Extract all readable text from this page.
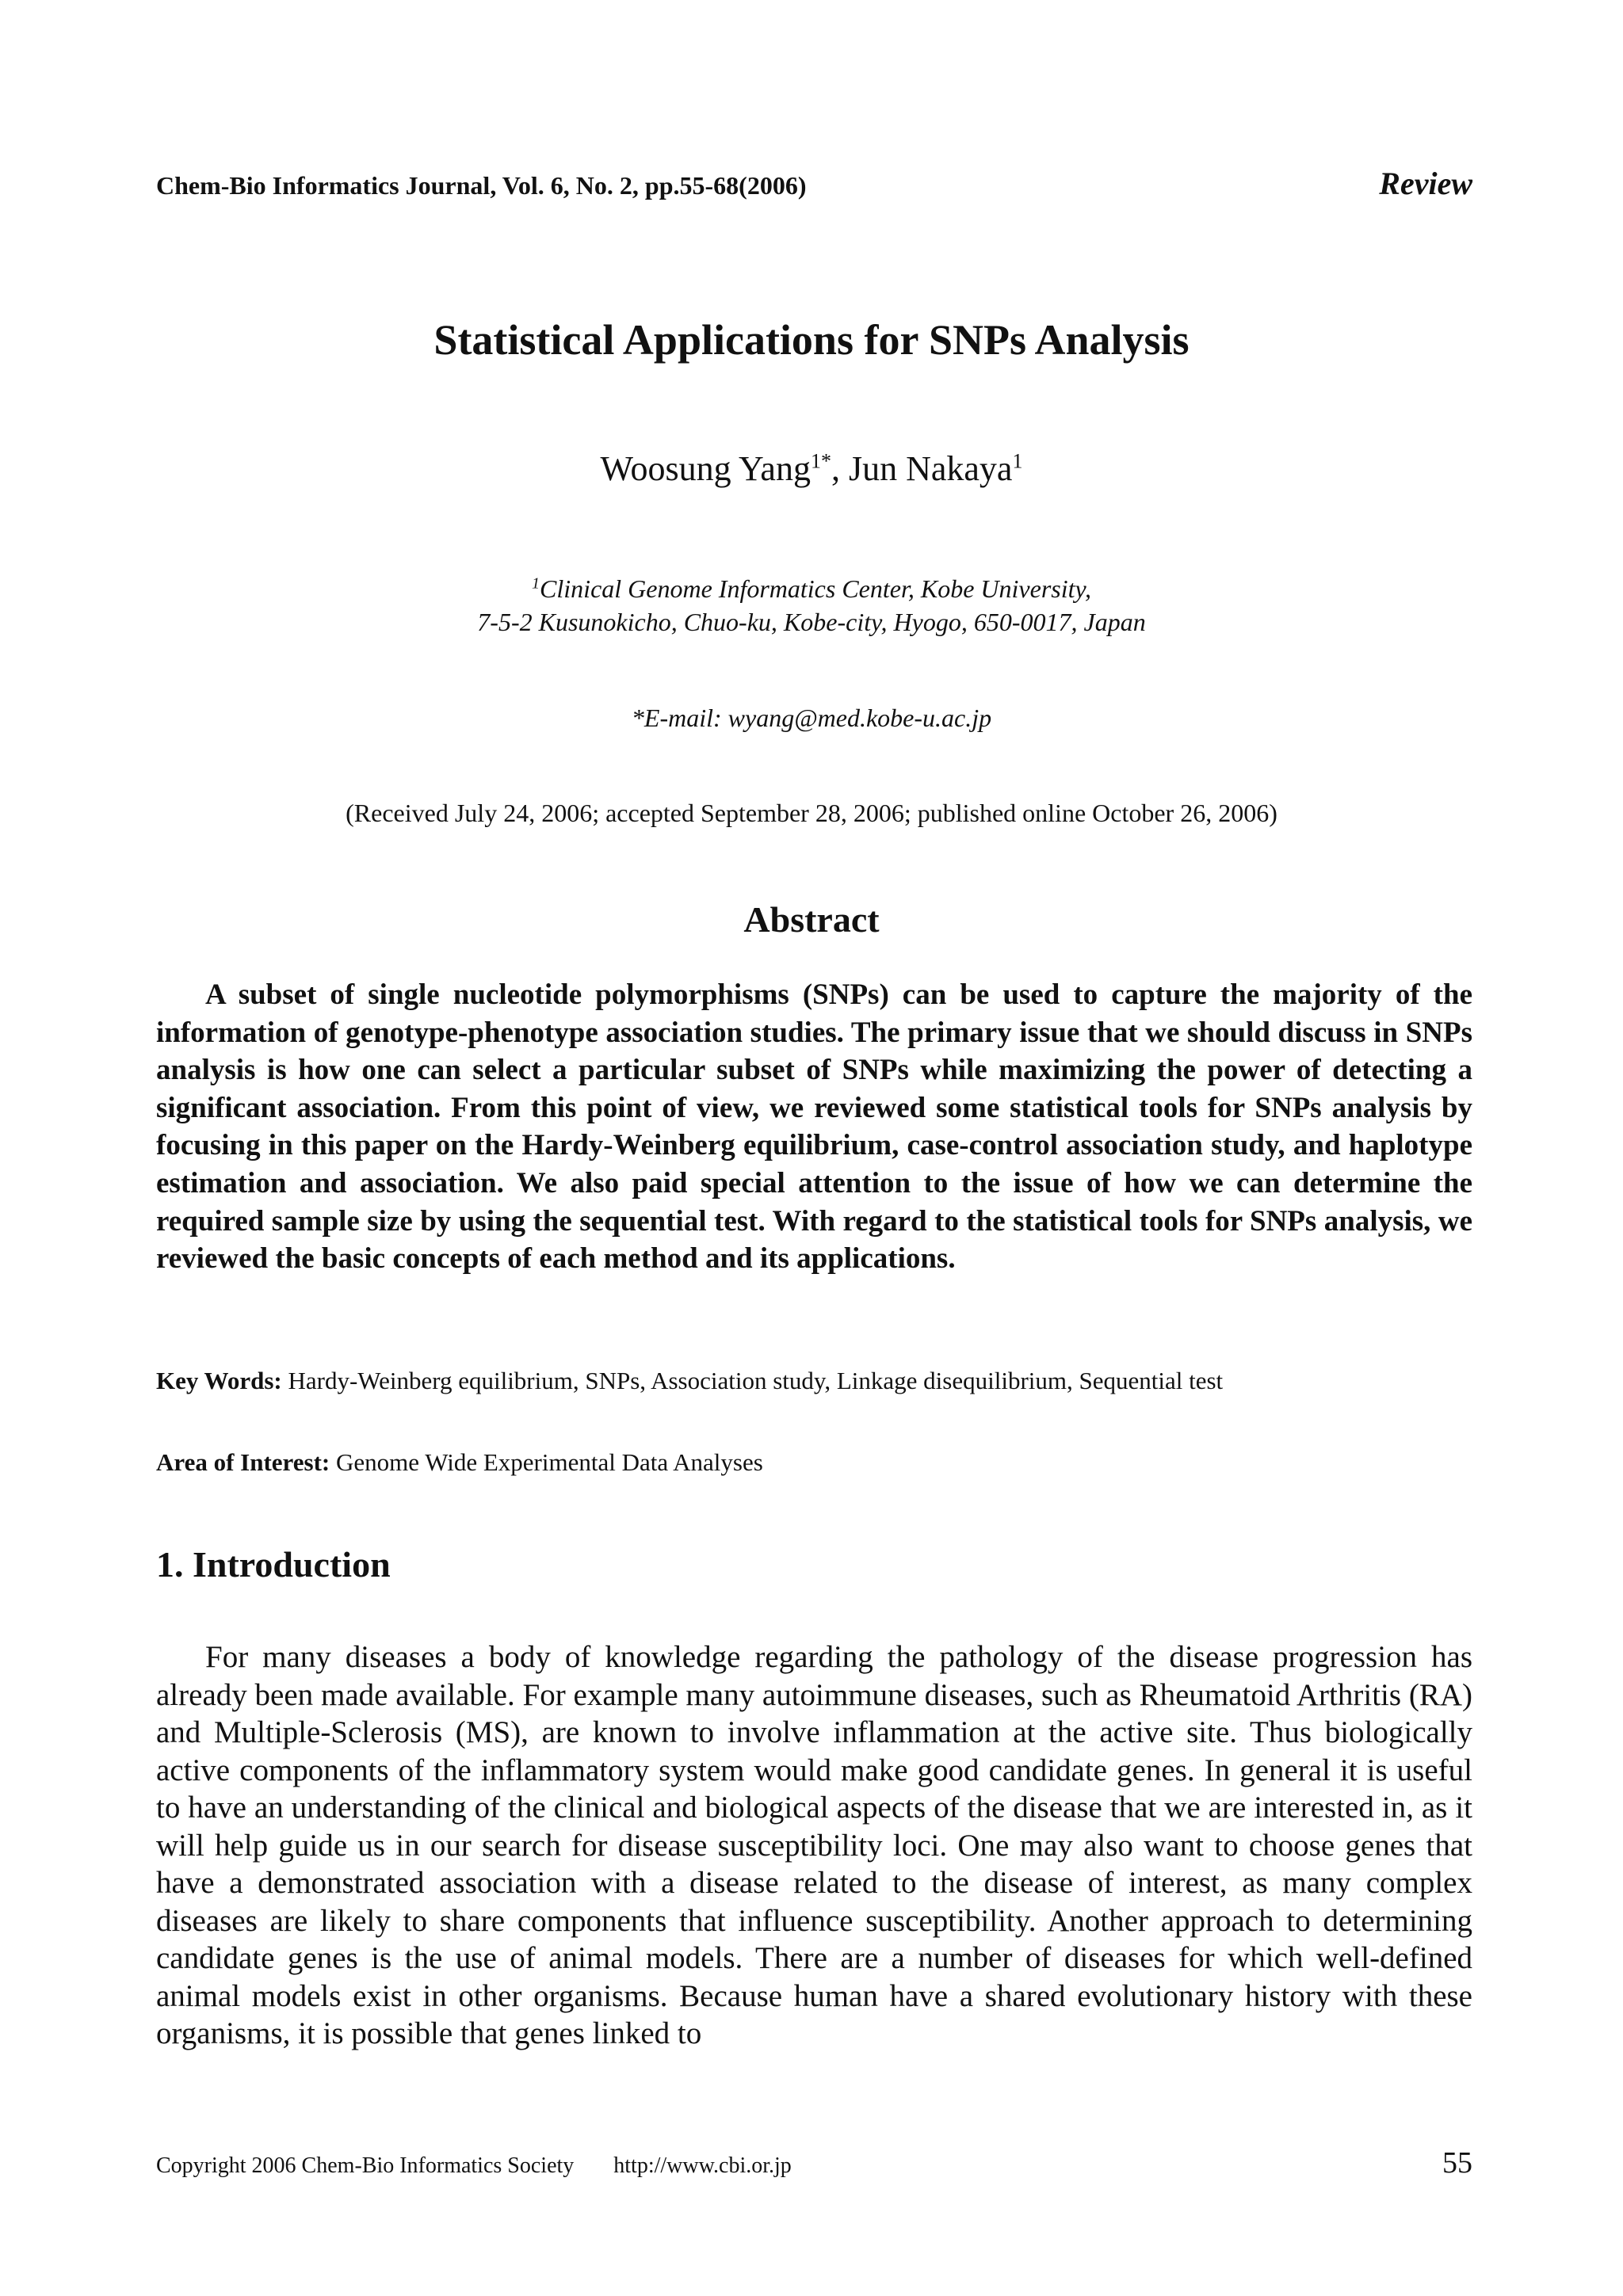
Chem-Bio Informatics Journal, Vol. 6, No. 2, pp.55-68(2006)	Review
Statistical Applications for SNPs Analysis
Woosung Yang$^{1*}$, Jun Nakaya$^1$
$^1$Clinical Genome Informatics Center, Kobe University,
7-5-2 Kusunokicho, Chuo-ku, Kobe-city, Hyogo, 650-0017, Japan
*E-mail: wyang@med.kobe-u.ac.jp
(Received July 24, 2006; accepted September 28, 2006; published online October 26, 2006)
Abstract

A subset of single nucleotide polymorphisms (SNPs) can be used to capture the majority of the information of genotype-phenotype association studies. The primary issue that we should discuss in SNPs analysis is how one can select a particular subset of SNPs while maximizing the power of detecting a significant association. From this point of view, we reviewed some statistical tools for SNPs analysis by focusing in this paper on the Hardy-Weinberg equilibrium, case-control association study, and haplotype estimation and association. We also paid special attention to the issue of how we can determine the required sample size by using the sequential test. With regard to the statistical tools for SNPs analysis, we reviewed the basic concepts of each method and its applications.

Key Words: Hardy-Weinberg equilibrium, SNPs, Association study, Linkage disequilibrium, Sequential test
Area of Interest: Genome Wide Experimental Data Analyses
1. Introduction

For many diseases a body of knowledge regarding the pathology of the disease progression has already been made available. For example many autoimmune diseases, such as Rheumatoid Arthritis (RA) and Multiple-Sclerosis (MS), are known to involve inflammation at the active site. Thus biologically active components of the inflammatory system would make good candidate genes. In general it is useful to have an understanding of the clinical and biological aspects of the disease that we are interested in, as it will help guide us in our search for disease susceptibility loci. One may also want to choose genes that have a demonstrated association with a disease related to the disease of interest, as many complex diseases are likely to share components that influence susceptibility. Another approach to determining candidate genes is the use of animal models. There are a number of diseases for which well-defined animal models exist in other organisms. Because human have a shared evolutionary history with these organisms, it is possible that genes linked to

Copyright 2006 Chem-Bio Informatics Society http://www.cbi.or.jp	55
